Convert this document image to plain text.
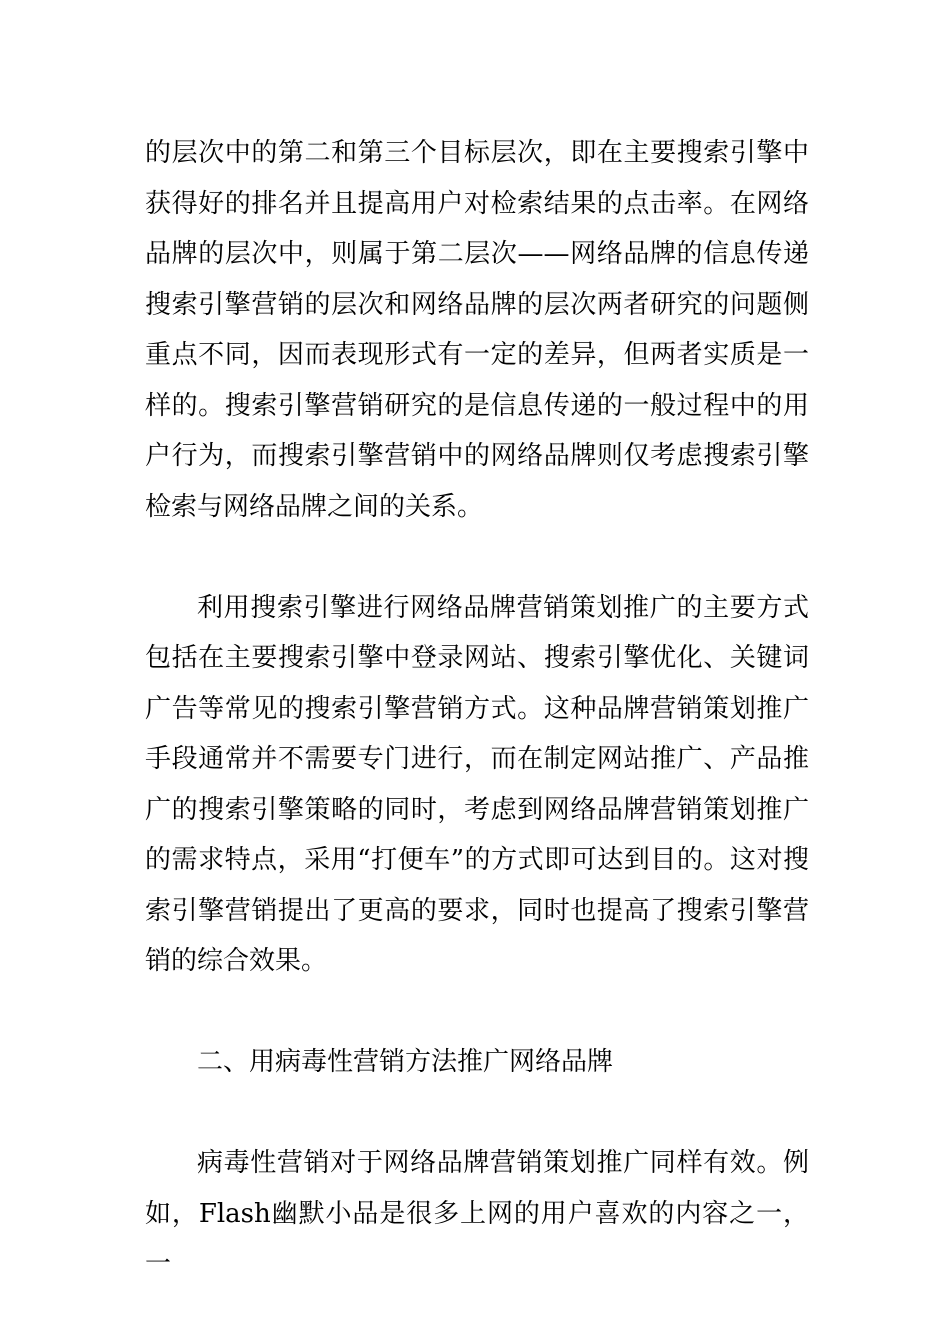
的层次中的第二和第三个目标层次，即在主要搜索引擎中获得好的排名并且提高用户对检索结果的点击率。在网络品牌的层次中，则属于第二层次——网络品牌的信息传递搜索引擎营销的层次和网络品牌的层次两者研究的问题侧重点不同，因而表现形式有一定的差异，但两者实质是一样的。搜索引擎营销研究的是信息传递的一般过程中的用户行为，而搜索引擎营销中的网络品牌则仅考虑搜索引擎检索与网络品牌之间的关系。

利用搜索引擎进行网络品牌营销策划推广的主要方式包括在主要搜索引擎中登录网站、搜索引擎优化、关键词广告等常见的搜索引擎营销方式。这种品牌营销策划推广手段通常并不需要专门进行，而在制定网站推广、产品推广的搜索引擎策略的同时，考虑到网络品牌营销策划推广的需求特点，采用“打便车”的方式即可达到目的。这对搜索引擎营销提出了更高的要求，同时也提高了搜索引擎营销的综合效果。

二、用病毒性营销方法推广网络品牌

病毒性营销对于网络品牌营销策划推广同样有效。例如，Flash幽默小品是很多上网的用户喜欢的内容之一，一
